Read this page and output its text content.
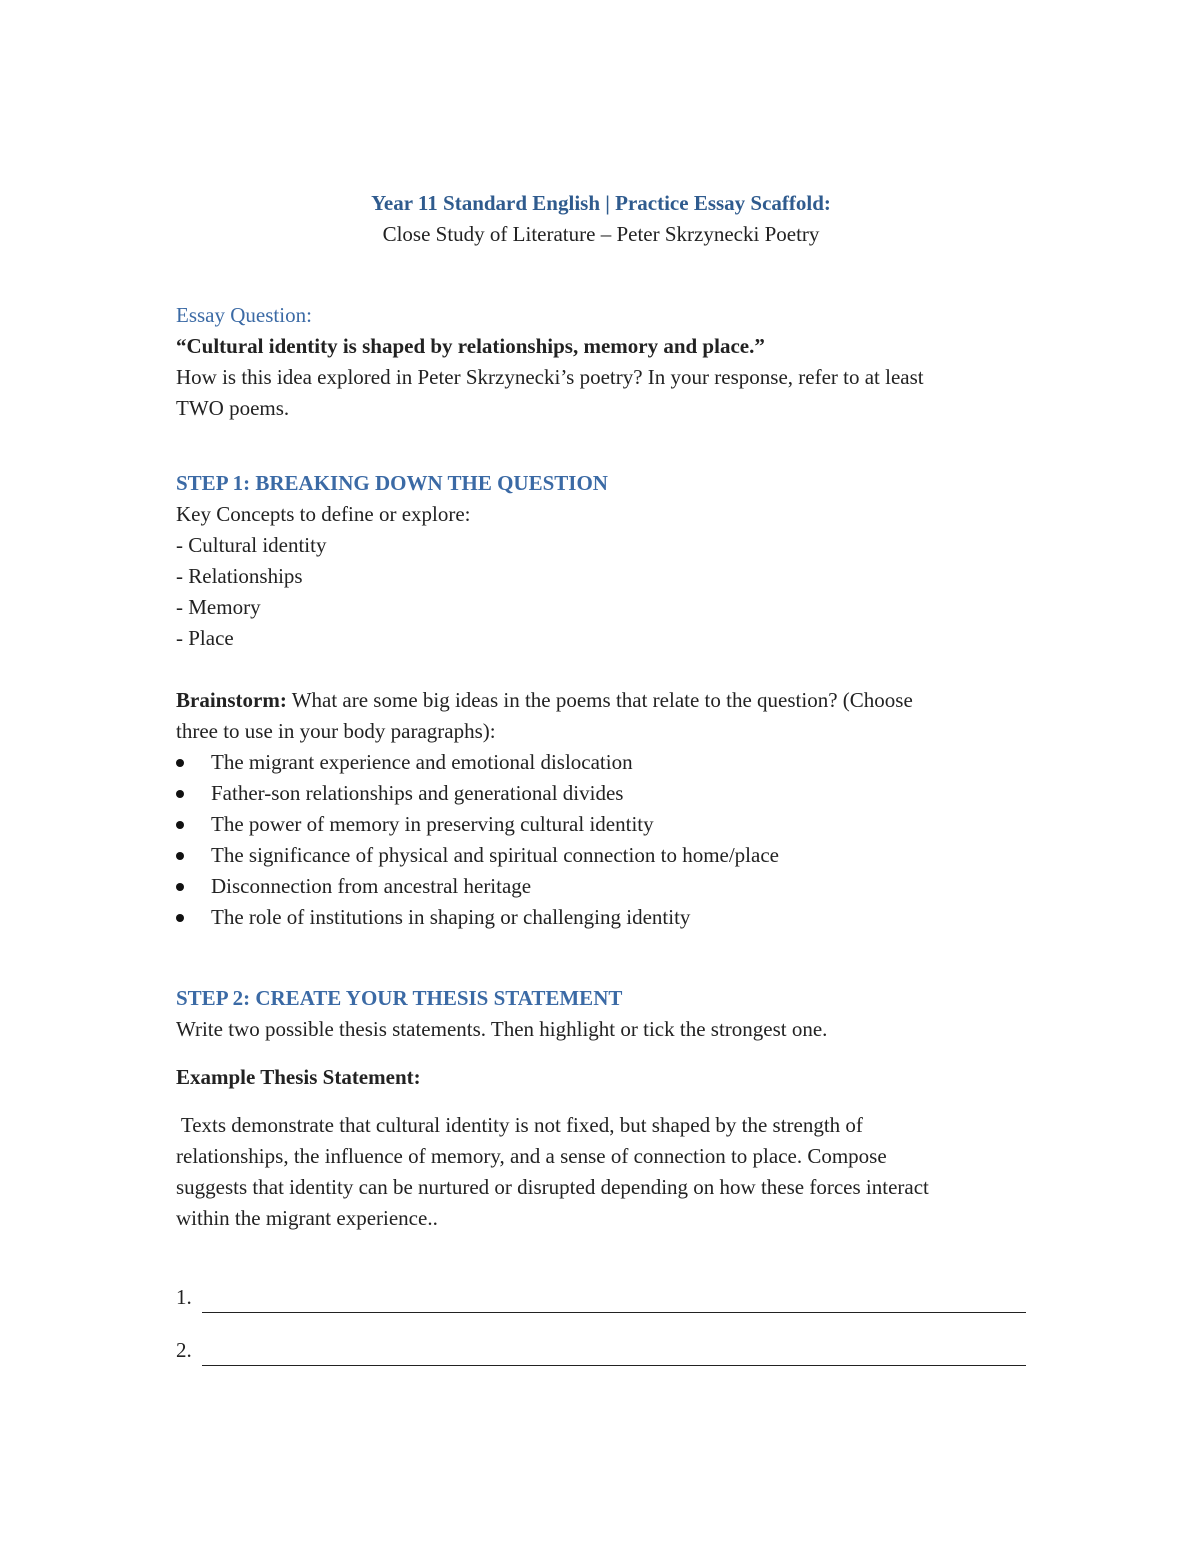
Year 11 Standard English | Practice Essay Scaffold:
Close Study of Literature – Peter Skrzynecki Poetry
Essay Question:
“Cultural identity is shaped by relationships, memory and place.”
How is this idea explored in Peter Skrzynecki’s poetry? In your response, refer to at least
TWO poems.
STEP 1: BREAKING DOWN THE QUESTION
Key Concepts to define or explore:
- Cultural identity
- Relationships
- Memory
- Place
Brainstorm: What are some big ideas in the poems that relate to the question? (Choose
three to use in your body paragraphs):
The migrant experience and emotional dislocation
Father-son relationships and generational divides
The power of memory in preserving cultural identity
The significance of physical and spiritual connection to home/place
Disconnection from ancestral heritage
The role of institutions in shaping or challenging identity
STEP 2: CREATE YOUR THESIS STATEMENT
Write two possible thesis statements. Then highlight or tick the strongest one.
Example Thesis Statement:
Texts demonstrate that cultural identity is not fixed, but shaped by the strength of
relationships, the influence of memory, and a sense of connection to place. Compose
suggests that identity can be nurtured or disrupted depending on how these forces interact
within the migrant experience..
1.
2.
